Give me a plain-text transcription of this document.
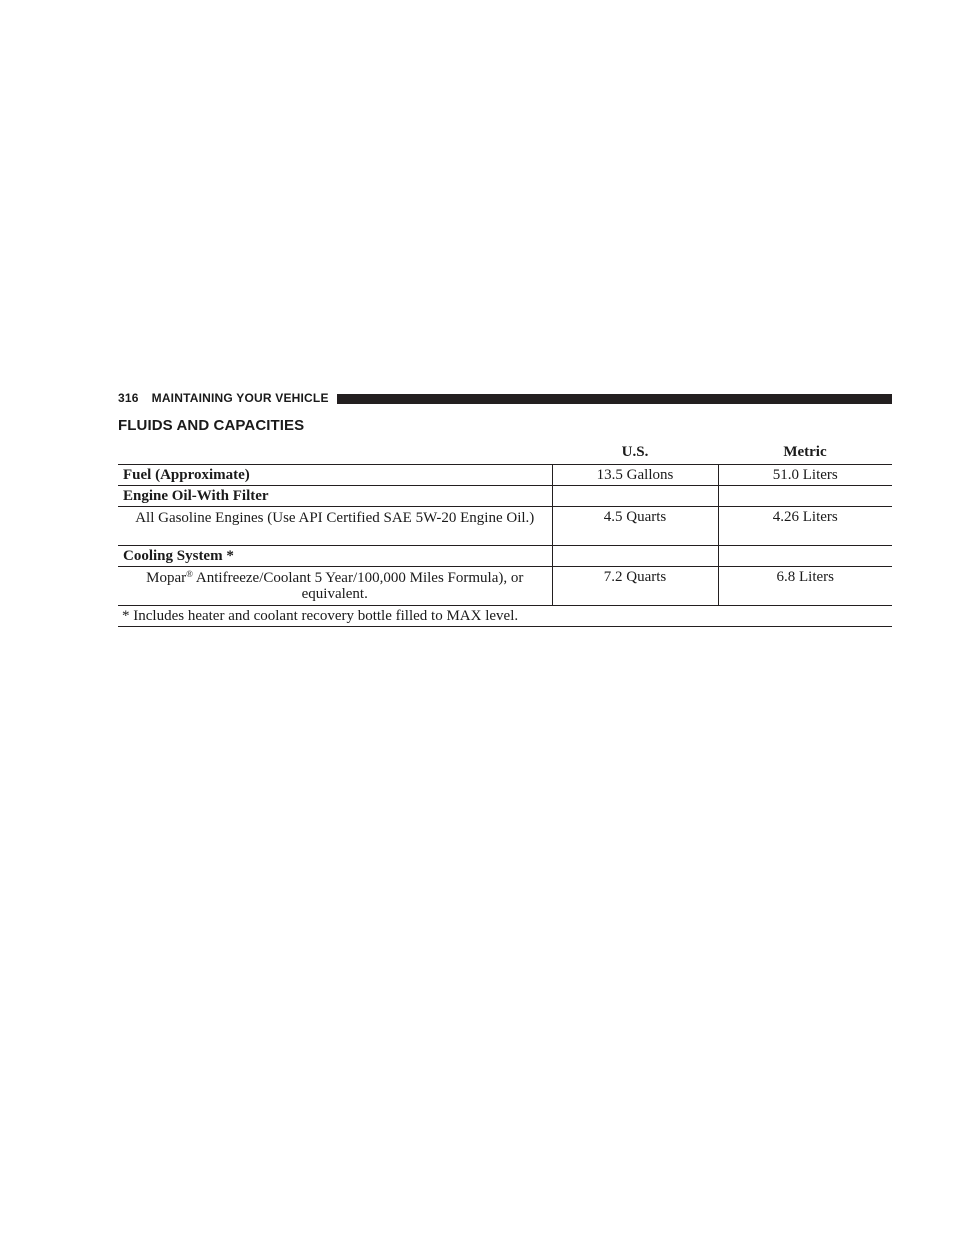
316 MAINTAINING YOUR VEHICLE
FLUIDS AND CAPACITIES
	U.S.	Metric
Fuel (Approximate)	13.5 Gallons	51.0 Liters
Engine Oil-With Filter		
All Gasoline Engines (Use API Certified SAE 5W-20 Engine Oil.)	4.5 Quarts	4.26 Liters
Cooling System *		
Mopar® Antifreeze/Coolant 5 Year/100,000 Miles Formula), or equivalent.	7.2 Quarts	6.8 Liters
* Includes heater and coolant recovery bottle filled to MAX level.		
